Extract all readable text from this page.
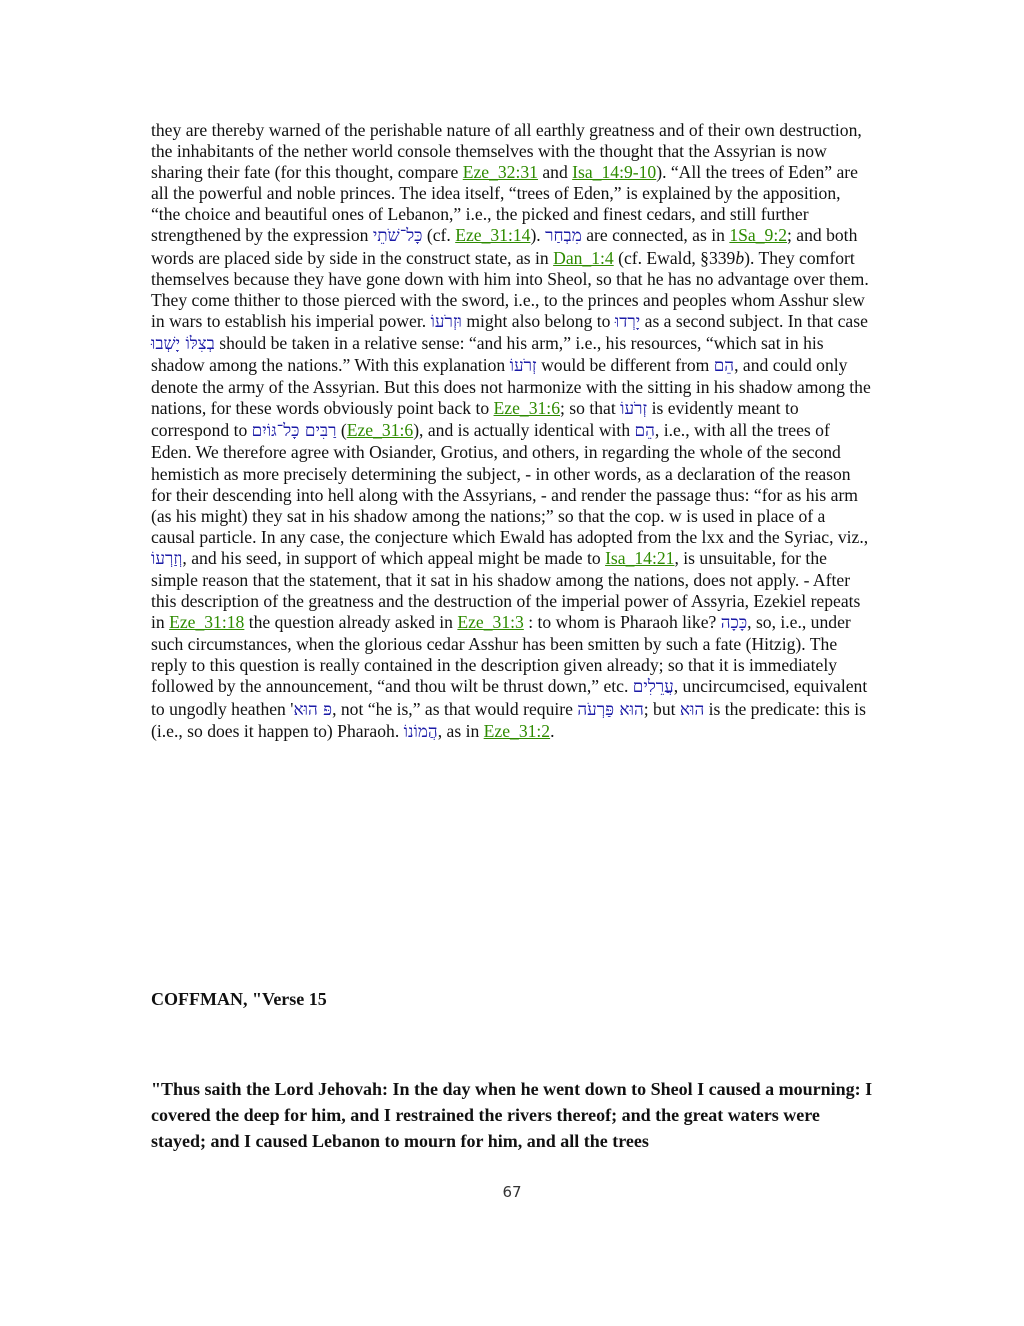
they are thereby warned of the perishable nature of all earthly greatness and of their own destruction, the inhabitants of the nether world console themselves with the thought that the Assyrian is now sharing their fate (for this thought, compare Eze_32:31 and Isa_14:9-10). “All the trees of Eden” are all the powerful and noble princes. The idea itself, “trees of Eden,” is explained by the apposition, “the choice and beautiful ones of Lebanon,” i.e., the picked and finest cedars, and still further strengthened by the expression כָּל־שֹׁתֵי (cf. Eze_31:14). מִבְחַר are connected, as in 1Sa_9:2; and both words are placed side by side in the construct state, as in Dan_1:4 (cf. Ewald, §339b). They comfort themselves because they have gone down with him into Sheol, so that he has no advantage over them. They come thither to those pierced with the sword, i.e., to the princes and peoples whom Asshur slew in wars to establish his imperial power. וּזְרֹעוֹ might also belong to יָרְדוּ as a second subject. In that case בְצִלּוֹ יָשְׁבוּ should be taken in a relative sense: “and his arm,” i.e., his resources, “which sat in his shadow among the nations.” With this explanation זְרֹעוֹ would be different from הֵם, and could only denote the army of the Assyrian. But this does not harmonize with the sitting in his shadow among the nations, for these words obviously point back to Eze_31:6; so that זְרֹעוֹ is evidently meant to correspond to רַבִּים כָּל־גּוֹיִם (Eze_31:6), and is actually identical with הֵם, i.e., with all the trees of Eden. We therefore agree with Osiander, Grotius, and others, in regarding the whole of the second hemistich as more precisely determining the subject, - in other words, as a declaration of the reason for their descending into hell along with the Assyrians, - and render the passage thus: “for as his arm (as his might) they sat in his shadow among the nations;” so that the cop. w is used in place of a causal particle. In any case, the conjecture which Ewald has adopted from the lxx and the Syriac, viz., וְזַרְעוֹ, and his seed, in support of which appeal might be made to Isa_14:21, is unsuitable, for the simple reason that the statement, that it sat in his shadow among the nations, does not apply. - After this description of the greatness and the destruction of the imperial power of Assyria, Ezekiel repeats in Eze_31:18 the question already asked in Eze_31:3 : to whom is Pharaoh like? כָּכָה, so, i.e., under such circumstances, when the glorious cedar Asshur has been smitten by such a fate (Hitzig). The reply to this question is really contained in the description given already; so that it is immediately followed by the announcement, “and thou wilt be thrust down,” etc. עֲרֵלִים, uncircumcised, equivalent to ungodly heathen 'פּ הוּא, not “he is,” as that would require הוּא פַּרְעֹה; but הוּא is the predicate: this is (i.e., so does it happen to) Pharaoh. הֲמוֹנוֹ, as in Eze_31:2.

COFFMAN, "Verse 15
"Thus saith the Lord Jehovah: In the day when he went down to Sheol I caused a mourning: I covered the deep for him, and I restrained the rivers thereof; and the great waters were stayed; and I caused Lebanon to mourn for him, and all the trees
67
